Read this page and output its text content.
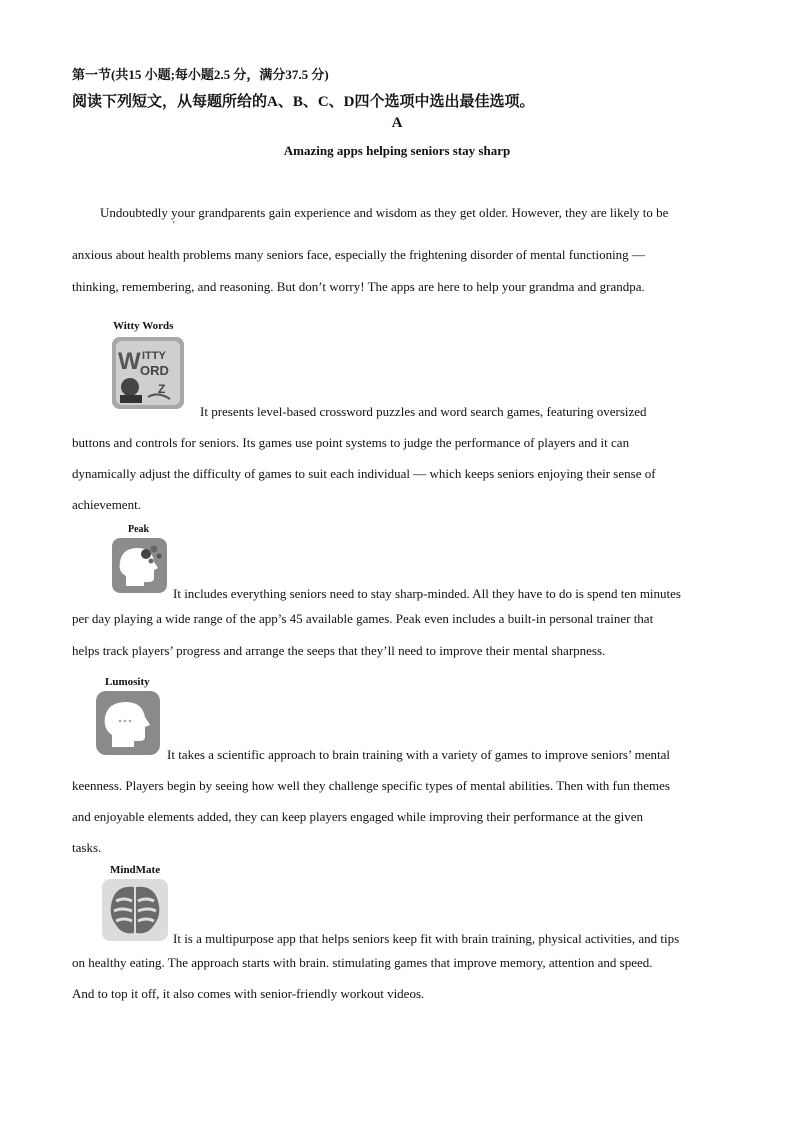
第一节(共15 小题;每小题2.5 分，满分37.5 分)
阅读下列短文，从每题所给的A、B、C、D四个选项中选出最佳选项。
A
Amazing apps helping seniors stay sharp
Undoubtedly your grandparents gain experience and wisdom as they get older. However, they are likely to be
'
anxious about health problems many seniors face, especially the frightening disorder of mental functioning —
thinking, remembering, and reasoning. But don’t worry! The apps are here to help your grandma and grandpa.
Witty Words
W ITTY
ORD
Z
It presents level-based crossword puzzles and word search games, featuring oversized
buttons and controls for seniors. Its games use point systems to judge the performance of players and it can
dynamically adjust the difficulty of games to suit each individual — which keeps seniors enjoying their sense of
achievement.
Peak
It includes everything seniors need to stay sharp-minded. All they have to do is spend ten minutes
per day playing a wide range of the app’s 45 available games. Peak even includes a built-in personal trainer that
helps track players’ progress and arrange the seeps that they’ll need to improve their mental sharpness.
Lumosity
It takes a scientific approach to brain training with a variety of games to improve seniors’ mental
keenness. Players begin by seeing how well they challenge specific types of mental abilities. Then with fun themes
and enjoyable elements added, they can keep players engaged while improving their performance at the given
tasks.
MindMate
It is a multipurpose app that helps seniors keep fit with brain training, physical activities, and tips
on healthy eating. The approach starts with brain. stimulating games that improve memory, attention and speed.
And to top it off, it also comes with senior-friendly workout videos.
